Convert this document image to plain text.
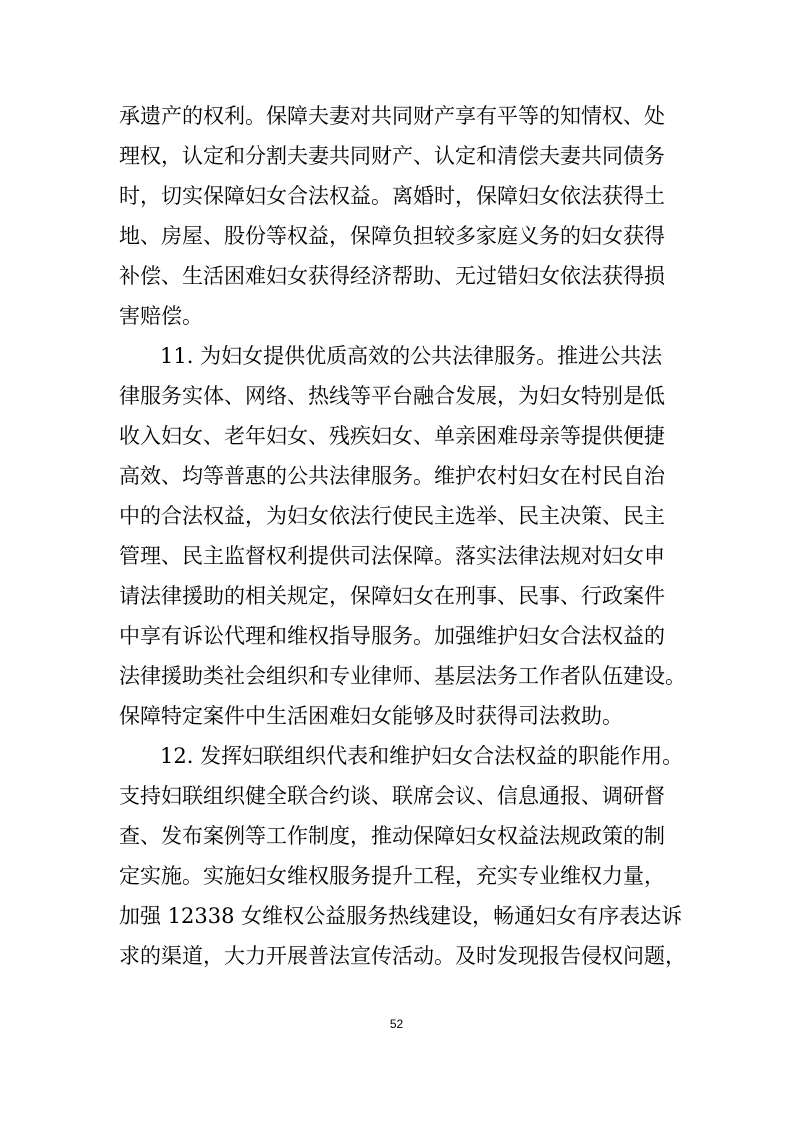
承遗产的权利。保障夫妻对共同财产享有平等的知情权、处
理权，认定和分割夫妻共同财产、认定和清偿夫妻共同债务
时，切实保障妇女合法权益。离婚时，保障妇女依法获得土
地、房屋、股份等权益，保障负担较多家庭义务的妇女获得
补偿、生活困难妇女获得经济帮助、无过错妇女依法获得损
害赔偿。
11. 为妇女提供优质高效的公共法律服务。推进公共法
律服务实体、网络、热线等平台融合发展，为妇女特别是低
收入妇女、老年妇女、残疾妇女、单亲困难母亲等提供便捷
高效、均等普惠的公共法律服务。维护农村妇女在村民自治
中的合法权益，为妇女依法行使民主选举、民主决策、民主
管理、民主监督权利提供司法保障。落实法律法规对妇女申
请法律援助的相关规定，保障妇女在刑事、民事、行政案件
中享有诉讼代理和维权指导服务。加强维护妇女合法权益的
法律援助类社会组织和专业律师、基层法务工作者队伍建设。
保障特定案件中生活困难妇女能够及时获得司法救助。
12. 发挥妇联组织代表和维护妇女合法权益的职能作用。
支持妇联组织健全联合约谈、联席会议、信息通报、调研督
查、发布案例等工作制度，推动保障妇女权益法规政策的制
定实施。实施妇女维权服务提升工程，充实专业维权力量，
加强 12338 女维权公益服务热线建设，畅通妇女有序表达诉
求的渠道，大力开展普法宣传活动。及时发现报告侵权问题，
52
